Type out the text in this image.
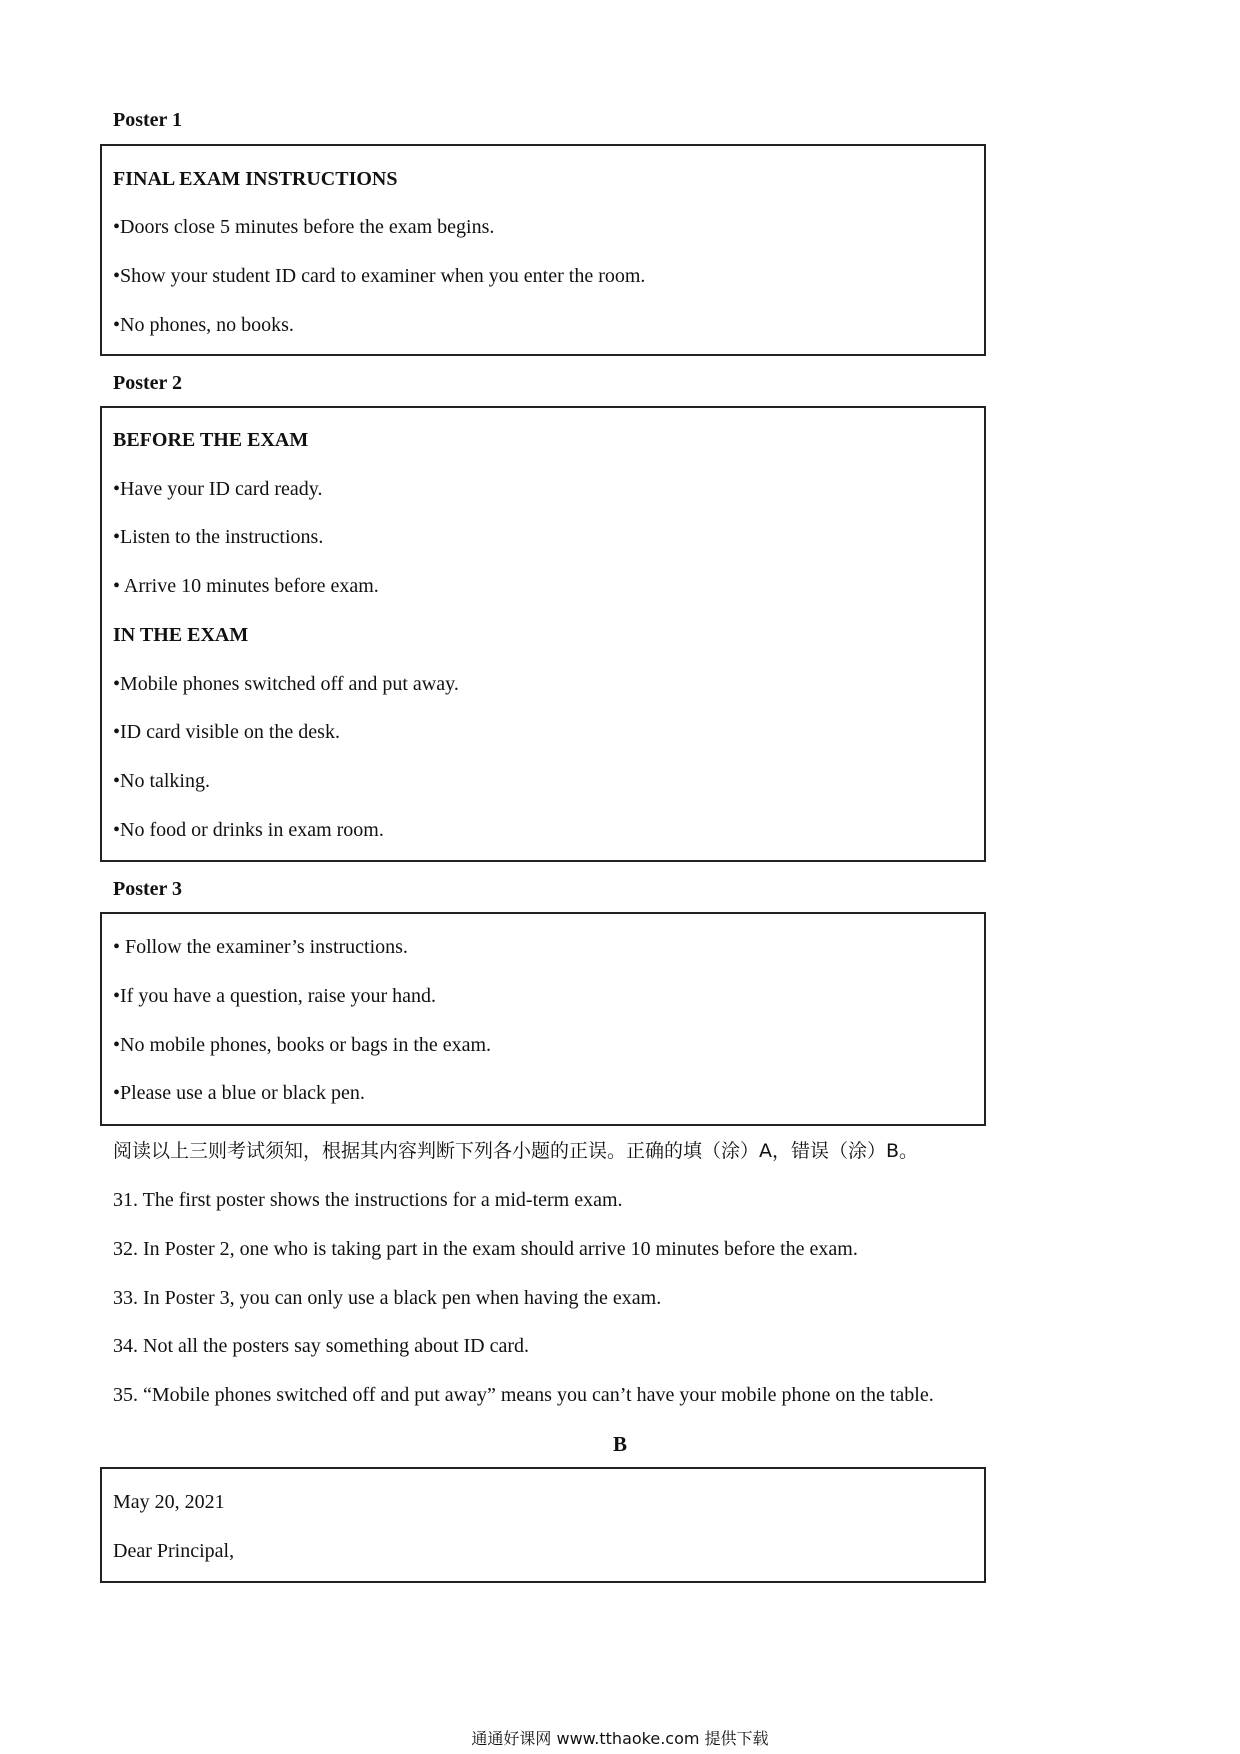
Poster 1
FINAL EXAM INSTRUCTIONS
•Doors close 5 minutes before the exam begins.
•Show your student ID card to examiner when you enter the room.
•No phones, no books.
Poster 2
BEFORE THE EXAM
•Have your ID card ready.
•Listen to the instructions.
• Arrive 10 minutes before exam.
IN THE EXAM
•Mobile phones switched off and put away.
•ID card visible on the desk.
•No talking.
•No food or drinks in exam room.
Poster 3
• Follow the examiner’s instructions.
•If you have a question, raise your hand.
•No mobile phones, books or bags in the exam.
•Please use a blue or black pen.
阅读以上三则考试须知，根据其内容判断下列各小题的正误。正确的填（涂）A，错误（涂）B。
31. The first poster shows the instructions for a mid-term exam.
32. In Poster 2, one who is taking part in the exam should arrive 10 minutes before the exam.
33. In Poster 3, you can only use a black pen when having the exam.
34. Not all the posters say something about ID card.
35. “Mobile phones switched off and put away” means you can’t have your mobile phone on the table.
B
May 20, 2021
Dear Principal,
通通好课网 www.tthaoke.com 提供下载
